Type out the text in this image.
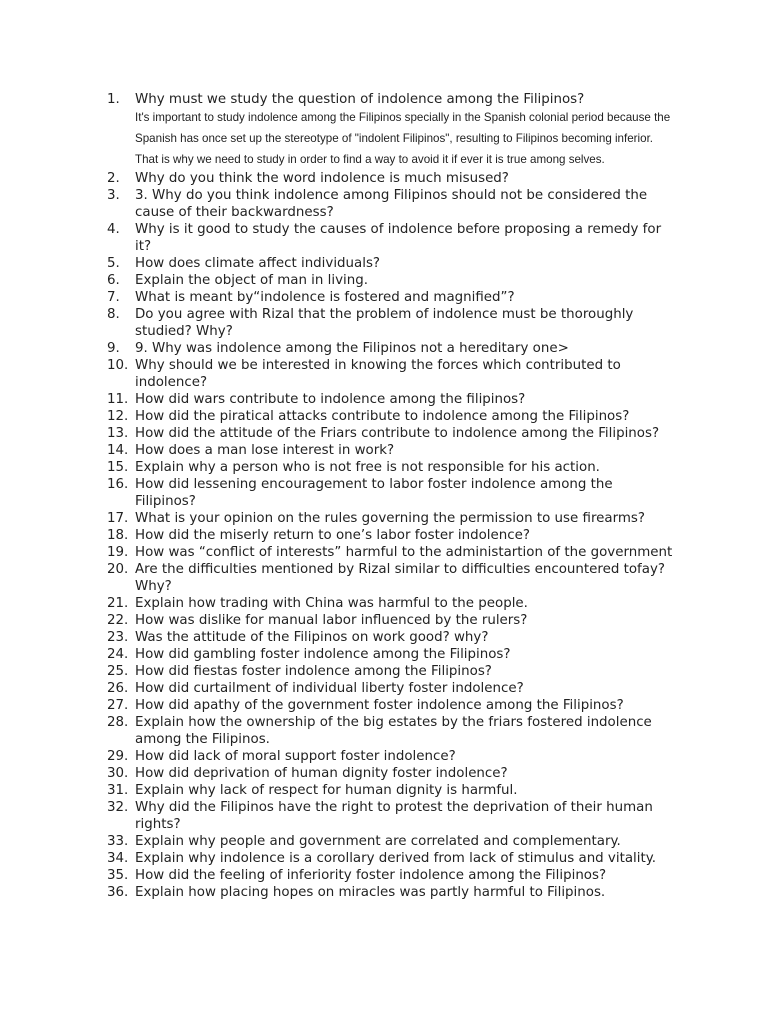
1.	Why must we study the question of indolence among the Filipinos?
It's important to study indolence among the Filipinos specially in the Spanish colonial period because the Spanish has once set up the stereotype of "indolent Filipinos", resulting to Filipinos becoming inferior. That is why we need to study in order to find a way to avoid it if ever it is true among selves.
2.	Why do you think the word indolence is much misused?
3.	3. Why do you think indolence among Filipinos should not be considered the cause of their backwardness?
4.	Why is it good to study the causes of indolence before proposing a remedy for it?
5.	How does climate affect individuals?
6.	Explain the object of man in living.
7.	What is meant by“indolence is fostered and magnified”?
8.	Do you agree with Rizal that the problem of indolence must be thoroughly studied? Why?
9.	9. Why was indolence among the Filipinos not a hereditary one>
10. Why should we be interested in knowing the forces which contributed to indolence?
11. How did wars contribute to indolence among the filipinos?
12. How did the piratical attacks contribute to indolence among the Filipinos?
13. How did the attitude of the Friars contribute to indolence among the Filipinos?
14. How does a man lose interest in work?
15. Explain why a person who is not free is not responsible for his action.
16. How did lessening encouragement to labor foster indolence among the Filipinos?
17. What is your opinion on the rules governing the permission to use firearms?
18. How did the miserly return to one’s labor foster indolence?
19. How was “conflict of interests” harmful to the administartion of the government
20. Are the difficulties mentioned by Rizal similar to difficulties encountered tofay? Why?
21. Explain how trading with China was harmful to the people.
22. How was dislike for manual labor influenced by the rulers?
23. Was the attitude of the Filipinos on work good? why?
24. How did gambling foster indolence among the Filipinos?
25. How did fiestas foster indolence among the Filipinos?
26. How did curtailment of individual liberty foster indolence?
27. How did apathy of the government foster indolence among the Filipinos?
28. Explain how the ownership of the big estates by the friars fostered indolence among the Filipinos.
29. How did lack of moral support foster indolence?
30. How did deprivation of human dignity foster indolence?
31. Explain why lack of respect for human dignity is harmful.
32. Why did the Filipinos have the right to protest the deprivation of their human rights?
33. Explain why people and government are correlated and complementary.
34. Explain why indolence is a corollary derived from lack of stimulus and vitality.
35. How did the feeling of inferiority foster indolence among the Filipinos?
36. Explain how placing hopes on miracles was partly harmful to Filipinos.
